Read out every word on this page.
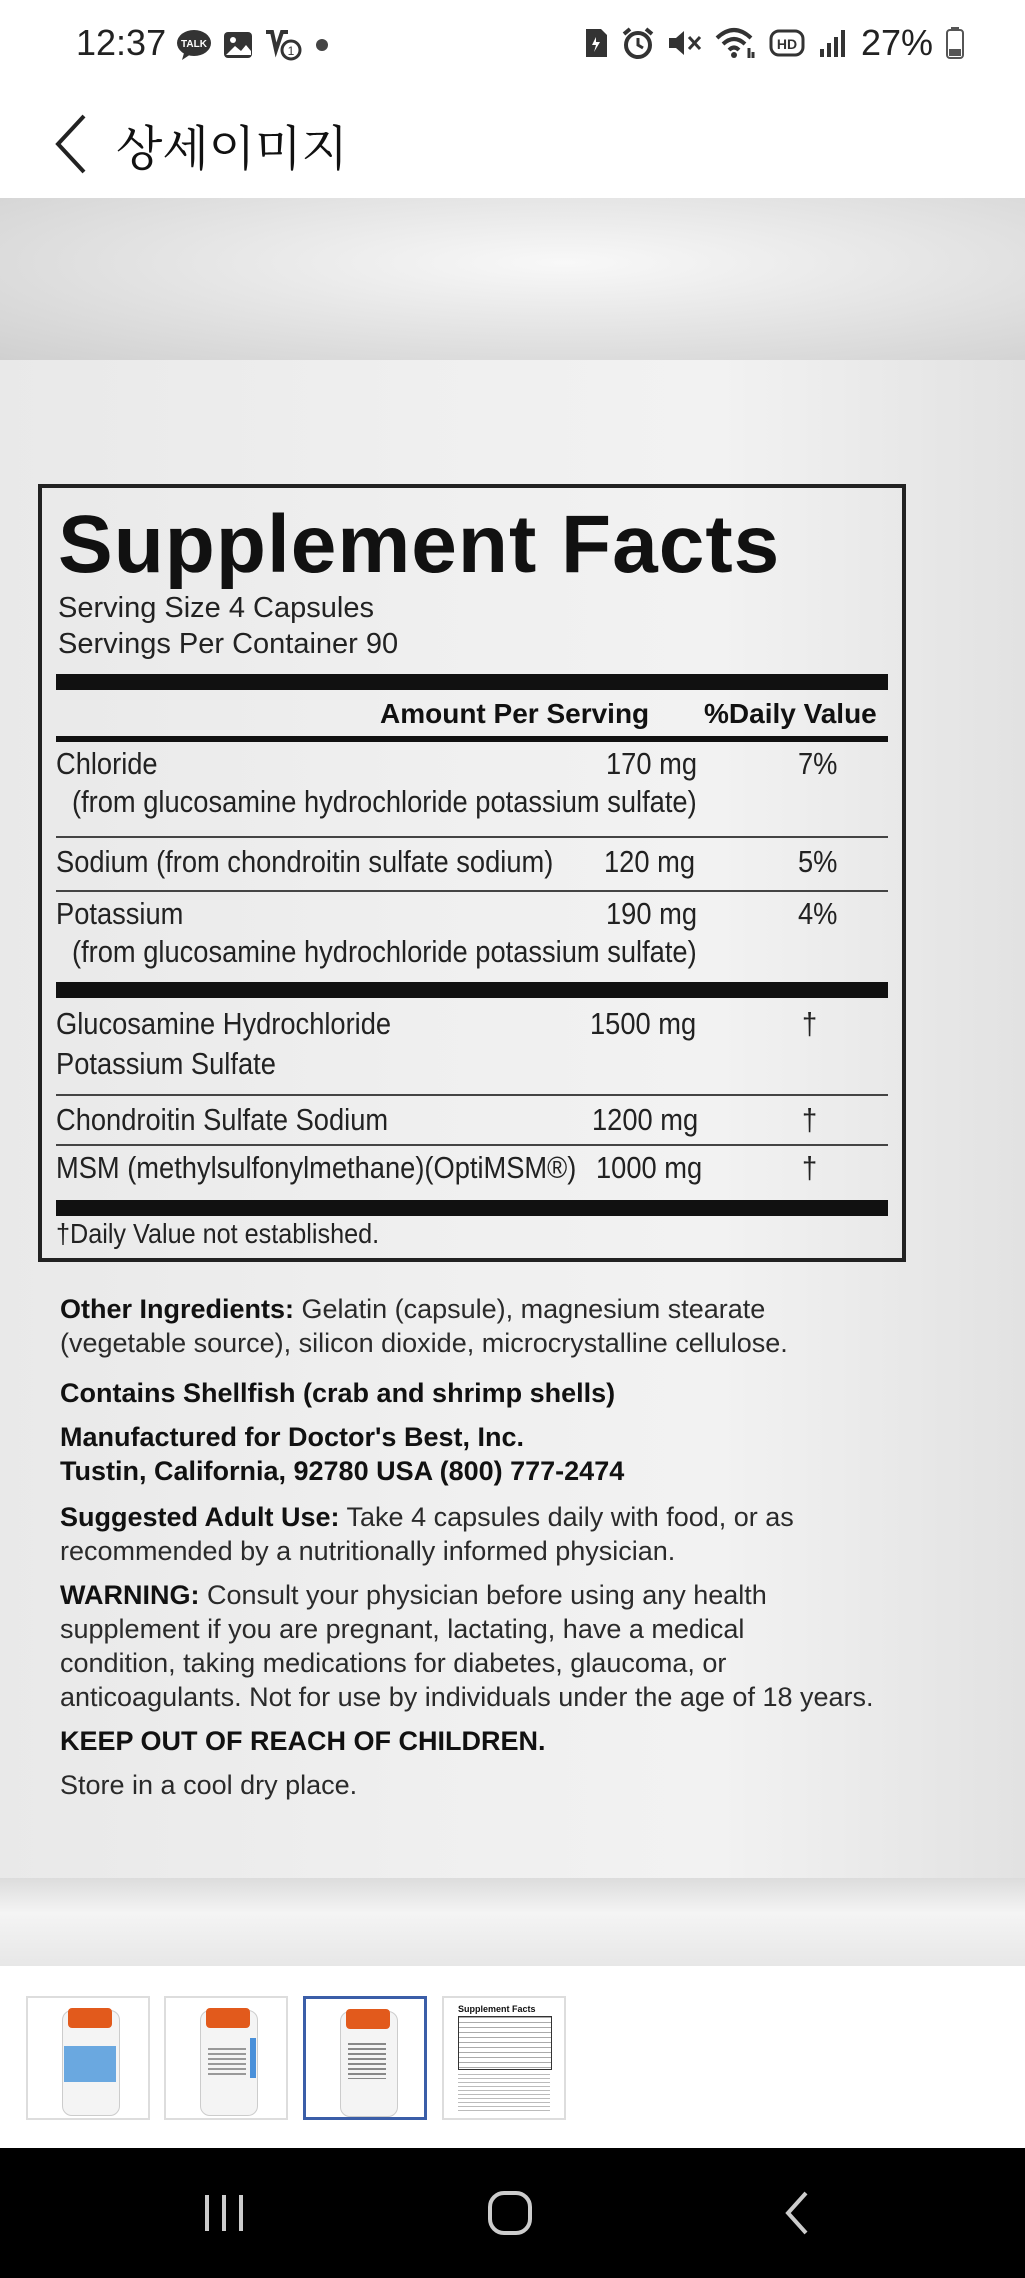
12:37 TALK	1	HD 27%
상세이미지
Supplement Facts
Serving Size 4 Capsules
Servings Per Container 90
Amount Per Serving %Daily Value
Chloride	170 mg	7%
(from glucosamine hydrochloride potassium sulfate)
Sodium (from chondroitin sulfate sodium) 120 mg	5%
Potassium	190 mg	4%
(from glucosamine hydrochloride potassium sulfate)
Glucosamine Hydrochloride	1500 mg	†
Potassium Sulfate
Chondroitin Sulfate Sodium	1200 mg	†
MSM (methylsulfonylmethane)(OptiMSM®) 1000 mg	†
†Daily Value not established.
Other Ingredients: Gelatin (capsule), magnesium stearate
(vegetable source), silicon dioxide, microcrystalline cellulose.
Contains Shellfish (crab and shrimp shells)
Manufactured for Doctor's Best, Inc.
Tustin, California, 92780 USA (800) 777-2474
Suggested Adult Use: Take 4 capsules daily with food, or as
recommended by a nutritionally informed physician.
WARNING: Consult your physician before using any health
supplement if you are pregnant, lactating, have a medical
condition, taking medications for diabetes, glaucoma, or
anticoagulants. Not for use by individuals under the age of 18 years.
KEEP OUT OF REACH OF CHILDREN.
Store in a cool dry place.
Supplement Facts
